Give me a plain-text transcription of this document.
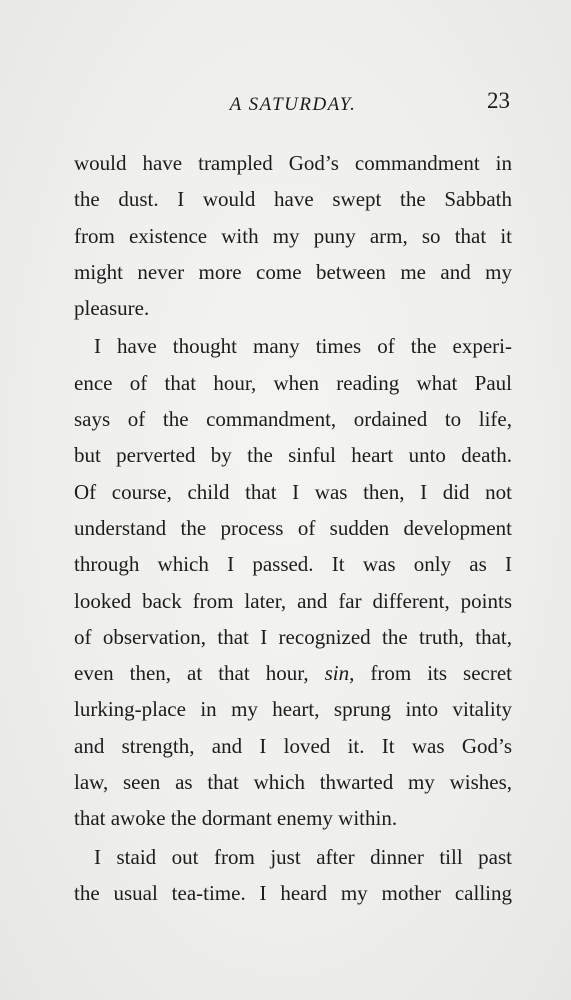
A SATURDAY.	23
would have trampled God’s commandment in
the dust. I would have swept the Sabbath
from existence with my puny arm, so that it
might never more come between me and my
pleasure.
I have thought many times of the experi-
ence of that hour, when reading what Paul
says of the commandment, ordained to life,
but perverted by the sinful heart unto death.
Of course, child that I was then, I did not
understand the process of sudden development
through which I passed. It was only as I
looked back from later, and far different, points
of observation, that I recognized the truth, that,
even then, at that hour, sin, from its secret
lurking-place in my heart, sprung into vitality
and strength, and I loved it. It was God’s
law, seen as that which thwarted my wishes,
that awoke the dormant enemy within.
I staid out from just after dinner till past
the usual tea-time. I heard my mother calling
